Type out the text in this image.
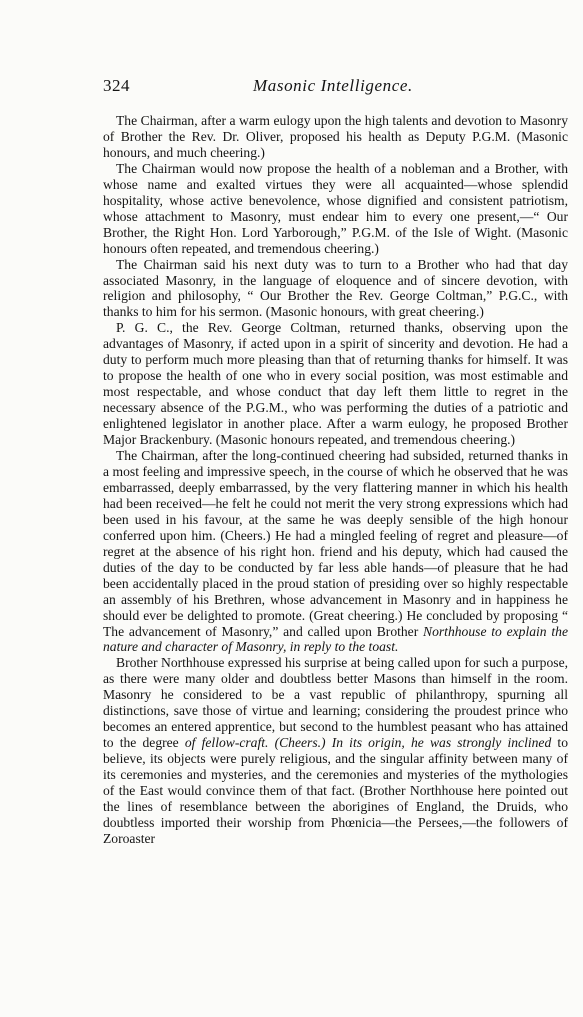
324	Masonic Intelligence.

The Chairman, after a warm eulogy upon the high talents and devotion to Masonry of Brother the Rev. Dr. Oliver, proposed his health as Deputy P.G.M. (Masonic honours, and much cheering.)

The Chairman would now propose the health of a nobleman and a Brother, with whose name and exalted virtues they were all acquainted—whose splendid hospitality, whose active benevolence, whose dignified and consistent patriotism, whose attachment to Masonry, must endear him to every one present,—“ Our Brother, the Right Hon. Lord Yarborough,” P.G.M. of the Isle of Wight. (Masonic honours often repeated, and tremendous cheering.)

The Chairman said his next duty was to turn to a Brother who had that day associated Masonry, in the language of eloquence and of sincere devotion, with religion and philosophy, “ Our Brother the Rev. George Coltman,” P.G.C., with thanks to him for his sermon. (Masonic honours, with great cheering.)

P. G. C., the Rev. George Coltman, returned thanks, observing upon the advantages of Masonry, if acted upon in a spirit of sincerity and devotion. He had a duty to perform much more pleasing than that of returning thanks for himself. It was to propose the health of one who in every social position, was most estimable and most respectable, and whose conduct that day left them little to regret in the necessary absence of the P.G.M., who was performing the duties of a patriotic and enlightened legislator in another place. After a warm eulogy, he proposed Brother Major Brackenbury. (Masonic honours repeated, and tremendous cheering.)

The Chairman, after the long-continued cheering had subsided, returned thanks in a most feeling and impressive speech, in the course of which he observed that he was embarrassed, deeply embarrassed, by the very flattering manner in which his health had been received—he felt he could not merit the very strong expressions which had been used in his favour, at the same he was deeply sensible of the high honour conferred upon him. (Cheers.) He had a mingled feeling of regret and pleasure—of regret at the absence of his right hon. friend and his deputy, which had caused the duties of the day to be conducted by far less able hands—of pleasure that he had been accidentally placed in the proud station of presiding over so highly respectable an assembly of his Brethren, whose advancement in Masonry and in happiness he should ever be delighted to promote. (Great cheering.) He concluded by proposing “ The advancement of Masonry,” and called upon Brother Northhouse to explain the nature and character of Masonry, in reply to the toast.

Brother Northhouse expressed his surprise at being called upon for such a purpose, as there were many older and doubtless better Masons than himself in the room. Masonry he considered to be a vast republic of philanthropy, spurning all distinctions, save those of virtue and learning; considering the proudest prince who becomes an entered apprentice, but second to the humblest peasant who has attained to the degree of fellow-craft. (Cheers.) In its origin, he was strongly inclined to believe, its objects were purely religious, and the singular affinity between many of its ceremonies and mysteries, and the ceremonies and mysteries of the mythologies of the East would convince them of that fact. (Brother Northhouse here pointed out the lines of resemblance between the aborigines of England, the Druids, who doubtless imported their worship from Phœnicia—the Persees,—the followers of Zoroaster
